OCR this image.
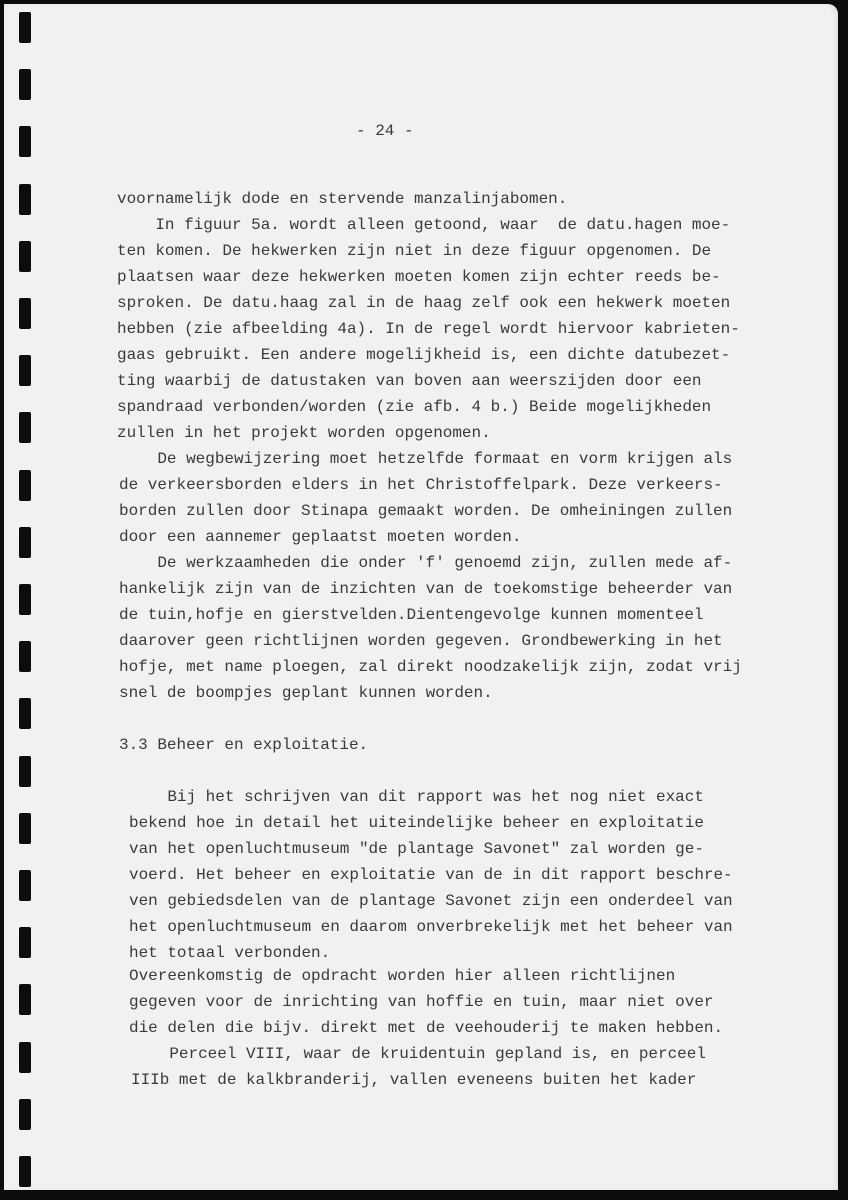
- 24 -
voornamelijk dode en stervende manzalinjabomen.
In figuur 5a. wordt alleen getoond, waar  de datu.hagen moe-
ten komen. De hekwerken zijn niet in deze figuur opgenomen. De
plaatsen waar deze hekwerken moeten komen zijn echter reeds be-
sproken. De datu.haag zal in de haag zelf ook een hekwerk moeten
hebben (zie afbeelding 4a). In de regel wordt hiervoor kabrieten-
gaas gebruikt. Een andere mogelijkheid is, een dichte datubezet-
ting waarbij de datustaken van boven aan weerszijden door een
spandraad verbonden/worden (zie afb. 4 b.) Beide mogelijkheden
zullen in het projekt worden opgenomen.
De wegbewijzering moet hetzelfde formaat en vorm krijgen als
de verkeersborden elders in het Christoffelpark. Deze verkeers-
borden zullen door Stinapa gemaakt worden. De omheiningen zullen
door een aannemer geplaatst moeten worden.
De werkzaamheden die onder 'f' genoemd zijn, zullen mede af-
hankelijk zijn van de inzichten van de toekomstige beheerder van
de tuin,hofje en gierstvelden.Dientengevolge kunnen momenteel
daarover geen richtlijnen worden gegeven. Grondbewerking in het
hofje, met name ploegen, zal direkt noodzakelijk zijn, zodat vrij
snel de boompjes geplant kunnen worden.
3.3 Beheer en exploitatie.
Bij het schrijven van dit rapport was het nog niet exact
bekend hoe in detail het uiteindelijke beheer en exploitatie
van het openluchtmuseum "de plantage Savonet" zal worden ge-
voerd. Het beheer en exploitatie van de in dit rapport beschre-
ven gebiedsdelen van de plantage Savonet zijn een onderdeel van
het openluchtmuseum en daarom onverbrekelijk met het beheer van
het totaal verbonden.
Overeenkomstig de opdracht worden hier alleen richtlijnen
gegeven voor de inrichting van hoffie en tuin, maar niet over
die delen die bijv. direkt met de veehouderij te maken hebben.
Perceel VIII, waar de kruidentuin gepland is, en perceel
IIIb met de kalkbranderij, vallen eveneens buiten het kader
